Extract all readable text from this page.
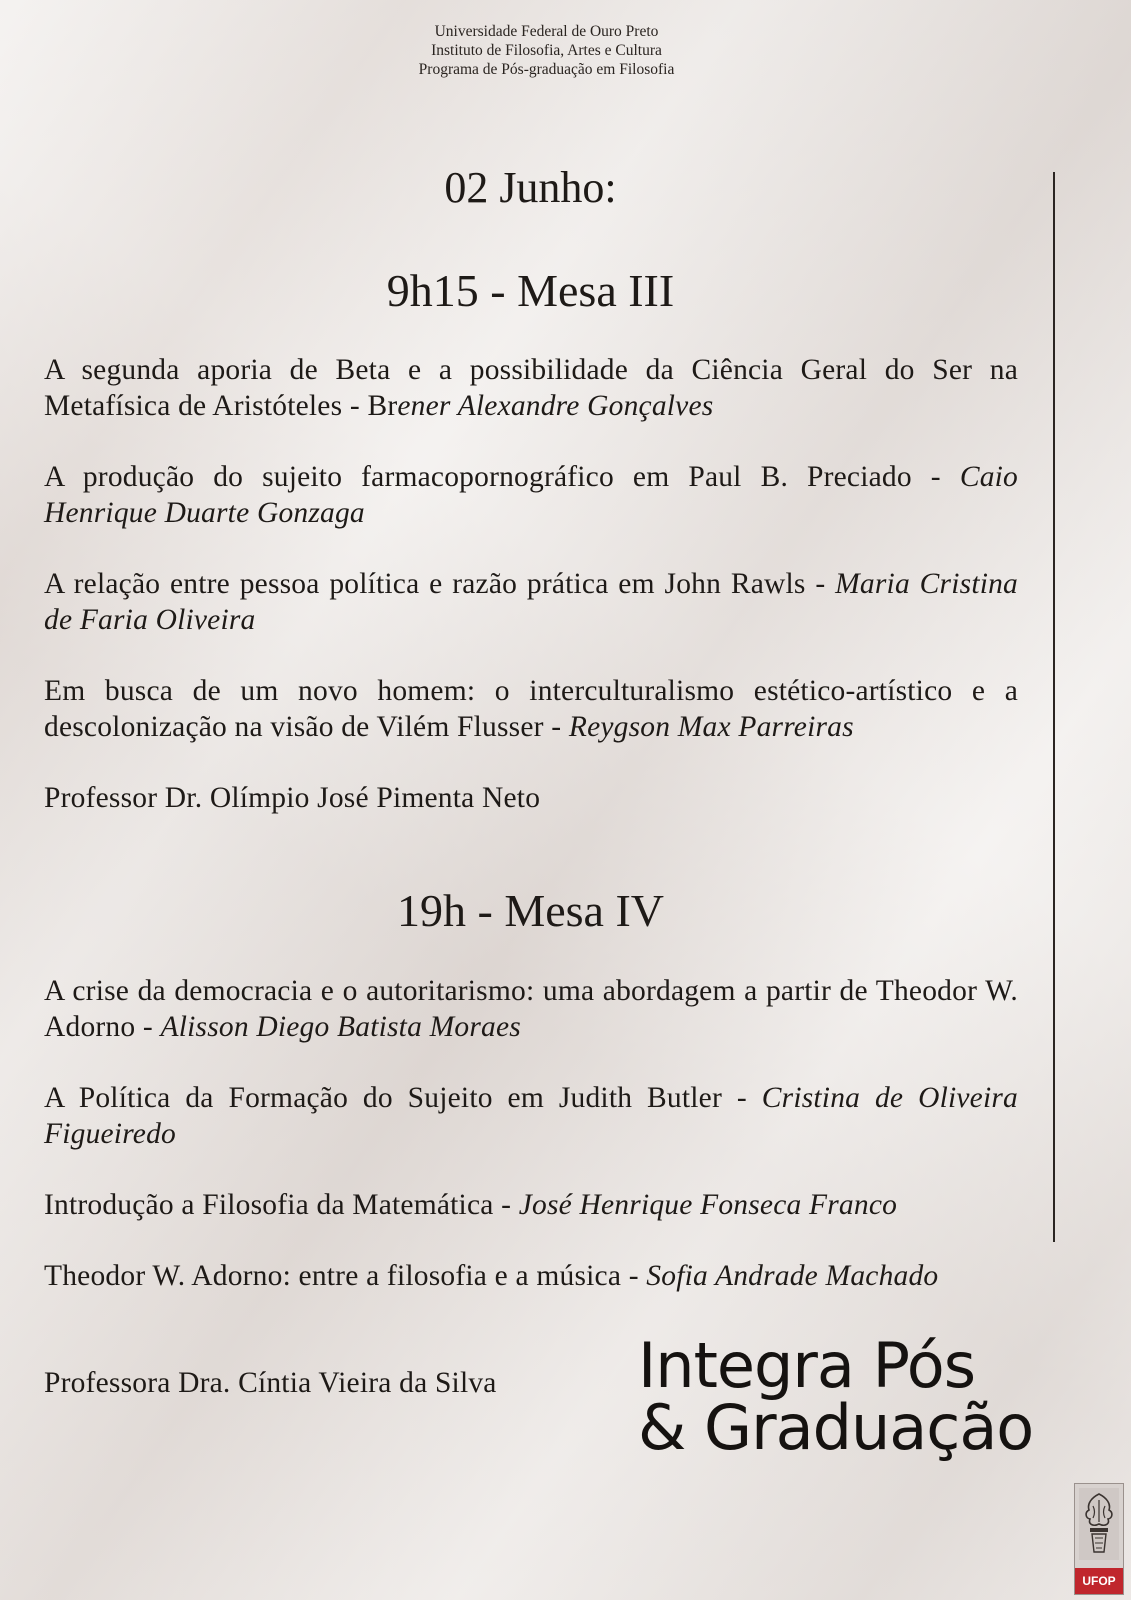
Universidade Federal de Ouro Preto
Instituto de Filosofia, Artes e Cultura
Programa de Pós-graduação em Filosofia
02 Junho:
9h15 - Mesa III
A segunda aporia de Beta e a possibilidade da Ciência Geral do Ser na Metafísica de Aristóteles - Brener Alexandre Gonçalves
A produção do sujeito farmacopornográfico em Paul B. Preciado - Caio Henrique Duarte Gonzaga
A relação entre pessoa política e razão prática em John Rawls - Maria Cristina de Faria Oliveira
Em busca de um novo homem: o interculturalismo estético-artístico e a descolonização na visão de Vilém Flusser - Reygson Max Parreiras
Professor Dr. Olímpio José Pimenta Neto
19h - Mesa IV
A crise da democracia e o autoritarismo: uma abordagem a partir de Theodor W. Adorno - Alisson Diego Batista Moraes
A Política da Formação do Sujeito em Judith Butler - Cristina de Oliveira Figueiredo
Introdução a Filosofia da Matemática - José Henrique Fonseca Franco
Theodor W. Adorno: entre a filosofia e a música - Sofia Andrade Machado
Professora Dra. Cíntia Vieira da Silva Integra Pós
& Graduação
UFOP
